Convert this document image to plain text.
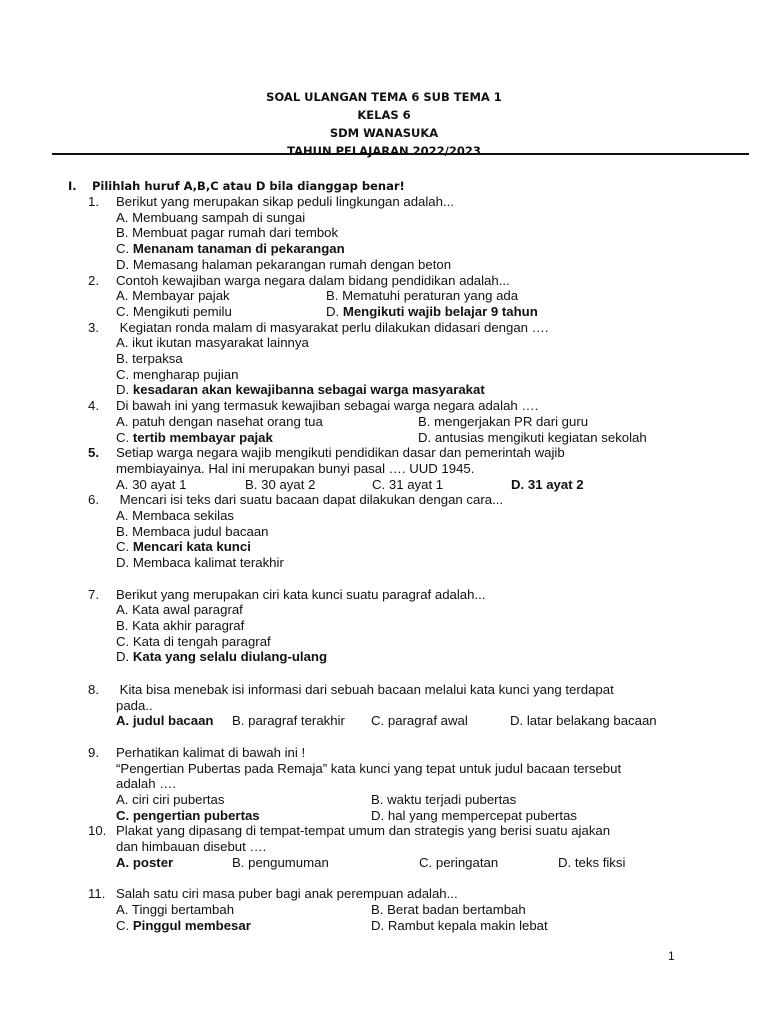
SOAL ULANGAN TEMA 6 SUB TEMA 1
KELAS 6
SDM WANASUKA
TAHUN PELAJARAN 2022/2023
I. Pilihlah huruf A,B,C atau D bila dianggap benar!
1. Berikut yang merupakan sikap peduli lingkungan adalah...
A. Membuang sampah di sungai
B. Membuat pagar rumah dari tembok
C. Menanam tanaman di pekarangan
D. Memasang halaman pekarangan rumah dengan beton
2. Contoh kewajiban warga negara dalam bidang pendidikan adalah...
A. Membayar pajak	B. Mematuhi peraturan yang ada
C. Mengikuti pemilu	D. Mengikuti wajib belajar 9 tahun
3. Kegiatan ronda malam di masyarakat perlu dilakukan didasari dengan ….
A. ikut ikutan masyarakat lainnya
B. terpaksa
C. mengharap pujian
D. kesadaran akan kewajibanna sebagai warga masyarakat
4. Di bawah ini yang termasuk kewajiban sebagai warga negara adalah ….
A. patuh dengan nasehat orang tua	B. mengerjakan PR dari guru
C. tertib membayar pajak	D. antusias mengikuti kegiatan sekolah
5. Setiap warga negara wajib mengikuti pendidikan dasar dan pemerintah wajib
membiayainya. Hal ini merupakan bunyi pasal …. UUD 1945.
A. 30 ayat 1	B. 30 ayat 2	C. 31 ayat 1	D. 31 ayat 2
6. Mencari isi teks dari suatu bacaan dapat dilakukan dengan cara...
A. Membaca sekilas
B. Membaca judul bacaan
C. Mencari kata kunci
D. Membaca kalimat terakhir
7. Berikut yang merupakan ciri kata kunci suatu paragraf adalah...
A. Kata awal paragraf
B. Kata akhir paragraf
C. Kata di tengah paragraf
D. Kata yang selalu diulang-ulang
8. Kita bisa menebak isi informasi dari sebuah bacaan melalui kata kunci yang terdapat
pada..
A. judul bacaan	B. paragraf terakhir	C. paragraf awal	D. latar belakang bacaan
9. Perhatikan kalimat di bawah ini !
“Pengertian Pubertas pada Remaja” kata kunci yang tepat untuk judul bacaan tersebut
adalah ….
A. ciri ciri pubertas	B. waktu terjadi pubertas
C. pengertian pubertas	D. hal yang mempercepat pubertas
10. Plakat yang dipasang di tempat-tempat umum dan strategis yang berisi suatu ajakan
dan himbauan disebut ….
A. poster	B. pengumuman	C. peringatan	D. teks fiksi
11. Salah satu ciri masa puber bagi anak perempuan adalah...
A. Tinggi bertambah	B. Berat badan bertambah
C. Pinggul membesar	D. Rambut kepala makin lebat
1
